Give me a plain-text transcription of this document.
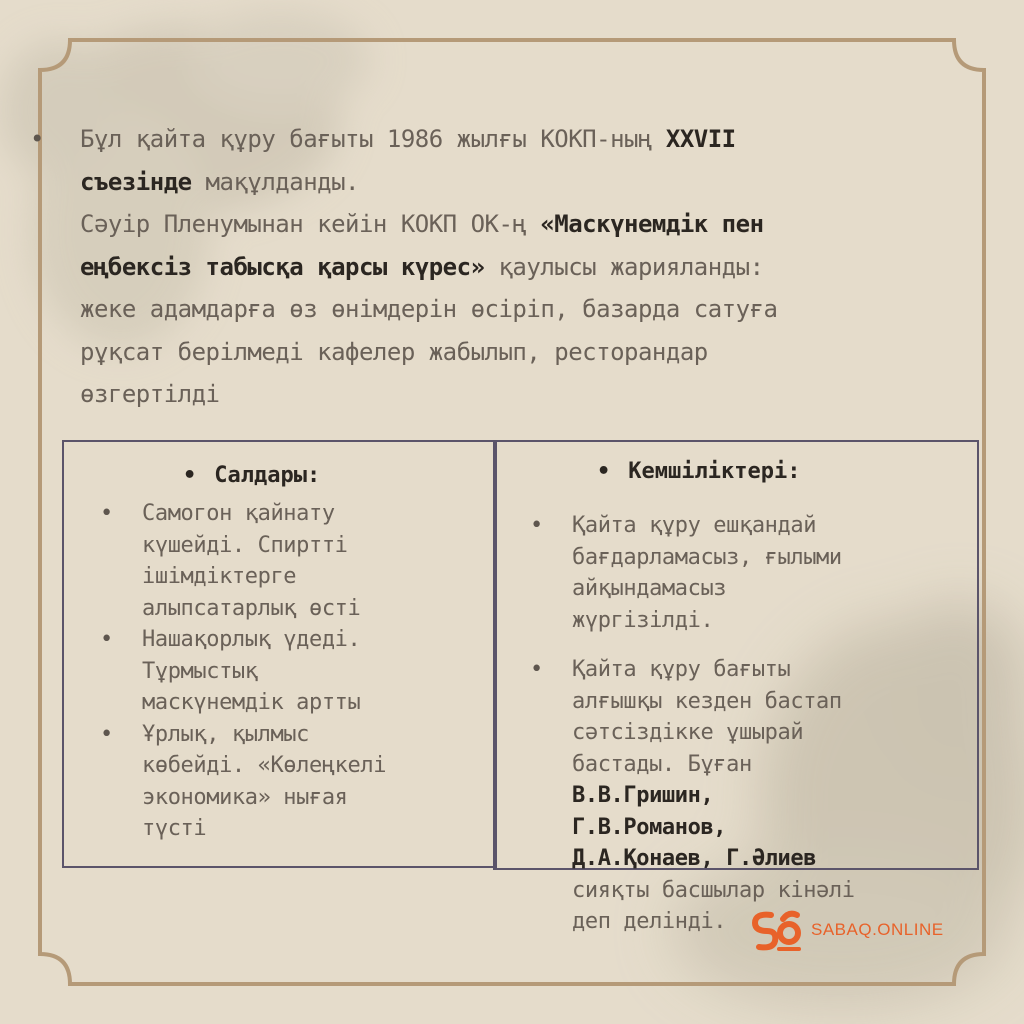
•	Бұл қайта құру бағыты 1986 жылғы КОКП-ның XXVII
съезінде мақұлданды.
Сәуір Пленумынан кейін КОКП ОК-ң «Маскүнемдік пен
еңбексіз табысқа қарсы күрес» қаулысы жарияланды:
жеке адамдарға өз өнімдерін өсіріп, базарда сатуға
рұқсат берілмеді кафелер жабылып, ресторандар
өзгертілді
• Салдары:
• Самогон қайнату
күшейді. Спиртті
ішімдіктерге
алыпсатарлық өсті
• Нашақорлық үдеді.
Тұрмыстық
маскүнемдік артты
• Ұрлық, қылмыс
көбейді. «Көлеңкелі
экономика» нығая
түсті
• Кемшіліктері:
• Қайта құру ешқандай
бағдарламасыз, ғылыми
айқындамасыз
жүргізілді.
• Қайта құру бағыты
алғышқы кезден бастап
сәтсіздікке ұшырай
бастады. Бұған
В.В.Гришин,
Г.В.Романов,
Д.А.Қонаев, Г.Әлиев
сияқты басшылар кінәлі
деп делінді.	SABAQ.ONLINE
